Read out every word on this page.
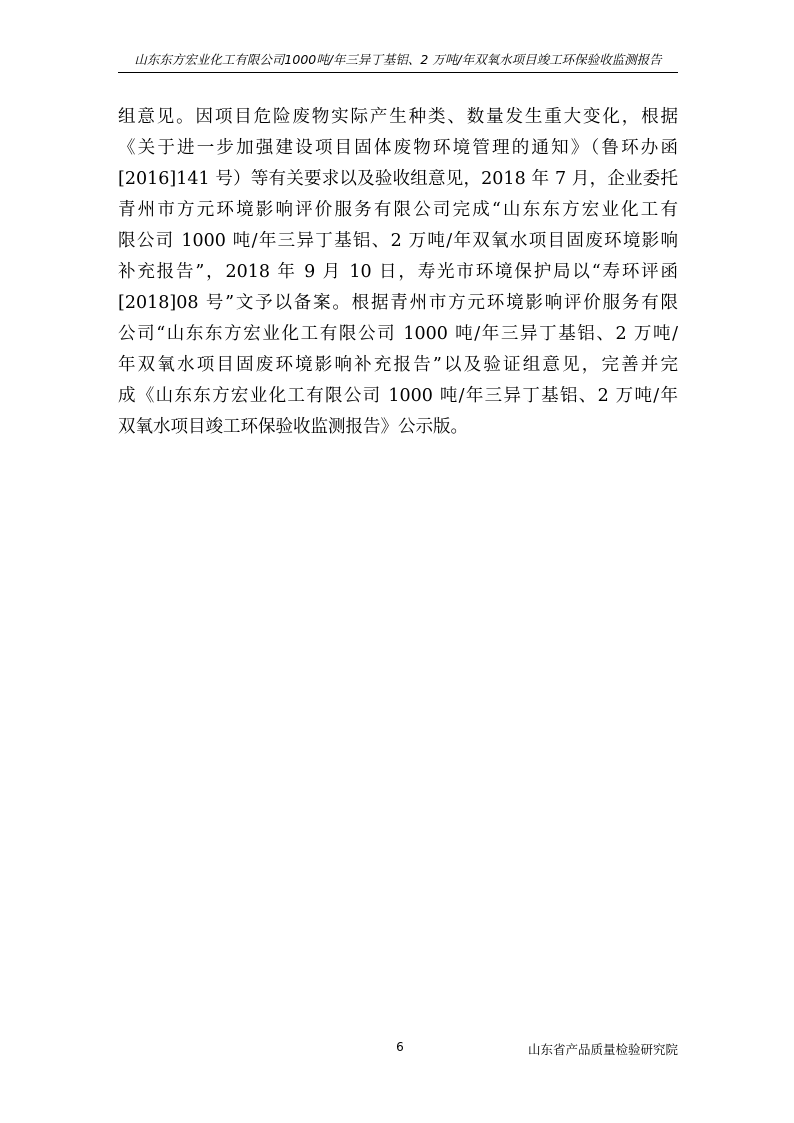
山东东方宏业化工有限公司1000吨/年三异丁基铝、2 万吨/年双氧水项目竣工环保验收监测报告
组意见。因项目危险废物实际产生种类、数量发生重大变化，根据
《关于进一步加强建设项目固体废物环境管理的通知》（鲁环办函
[2016]141 号）等有关要求以及验收组意见，2018 年 7 月，企业委托
青州市方元环境影响评价服务有限公司完成“山东东方宏业化工有
限公司 1000 吨/年三异丁基铝、2 万吨/年双氧水项目固废环境影响
补充报告”，2018 年 9 月 10 日，寿光市环境保护局以“寿环评函
[2018]08 号”文予以备案。根据青州市方元环境影响评价服务有限
公司“山东东方宏业化工有限公司 1000 吨/年三异丁基铝、2 万吨/
年双氧水项目固废环境影响补充报告”以及验证组意见，完善并完
成《山东东方宏业化工有限公司 1000 吨/年三异丁基铝、2 万吨/年
双氧水项目竣工环保验收监测报告》公示版。
6	山东省产品质量检验研究院
